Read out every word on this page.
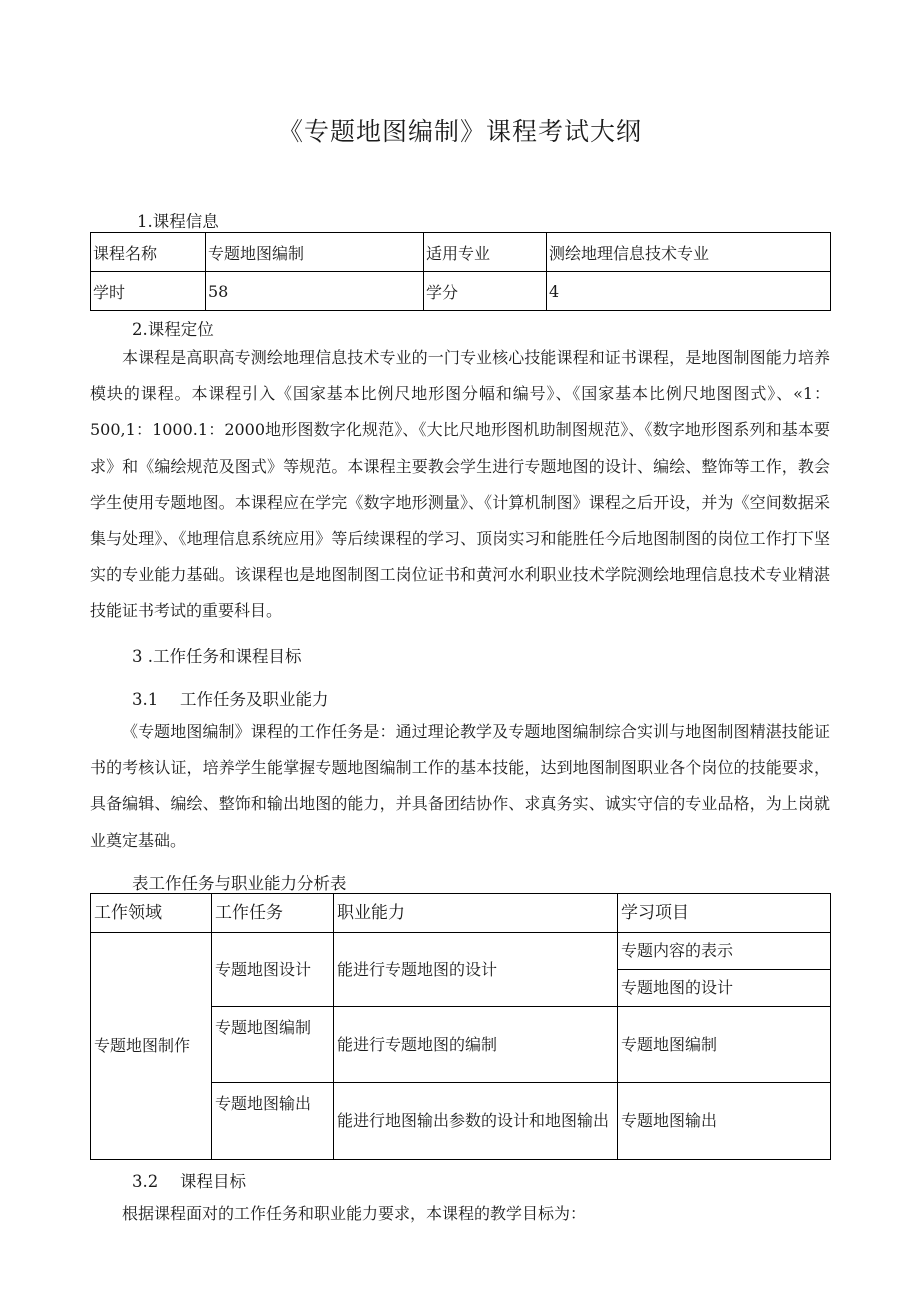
《专题地图编制》课程考试大纲
1.课程信息
课程名称	专题地图编制	适用专业	测绘地理信息技术专业
学时	58	学分	4
2.课程定位

本课程是高职高专测绘地理信息技术专业的一门专业核心技能课程和证书课程，是地图制图能力培养模块的课程。本课程引入《国家基本比例尺地形图分幅和编号》、《国家基本比例尺地图图式》、«1：500,1：1000.1：2000地形图数字化规范》、《大比尺地形图机助制图规范》、《数字地形图系列和基本要求》和《编绘规范及图式》等规范。本课程主要教会学生进行专题地图的设计、编绘、整饰等工作，教会学生使用专题地图。本课程应在学完《数字地形测量》、《计算机制图》课程之后开设，并为《空间数据采集与处理》、《地理信息系统应用》等后续课程的学习、顶岗实习和能胜任今后地图制图的岗位工作打下坚实的专业能力基础。该课程也是地图制图工岗位证书和黄河水利职业技术学院测绘地理信息技术专业精湛技能证书考试的重要科目。

3 .工作任务和课程目标
3.1　 工作任务及职业能力

《专题地图编制》课程的工作任务是：通过理论教学及专题地图编制综合实训与地图制图精湛技能证书的考核认证，培养学生能掌握专题地图编制工作的基本技能，达到地图制图职业各个岗位的技能要求，具备编辑、编绘、整饰和输出地图的能力，并具备团结协作、求真务实、诚实守信的专业品格，为上岗就业奠定基础。

表工作任务与职业能力分析表
工作领域	工作任务	职业能力	学习项目

专题地图制作	专题地图设计	能进行专题地图的设计	专题内容的表示
			专题地图的设计
	专题地图编制	能进行专题地图的编制	专题地图编制
	专题地图输出	能进行地图输出参数的设计和地图输出	专题地图输出
3.2　 课程目标

根据课程面对的工作任务和职业能力要求，本课程的教学目标为：
